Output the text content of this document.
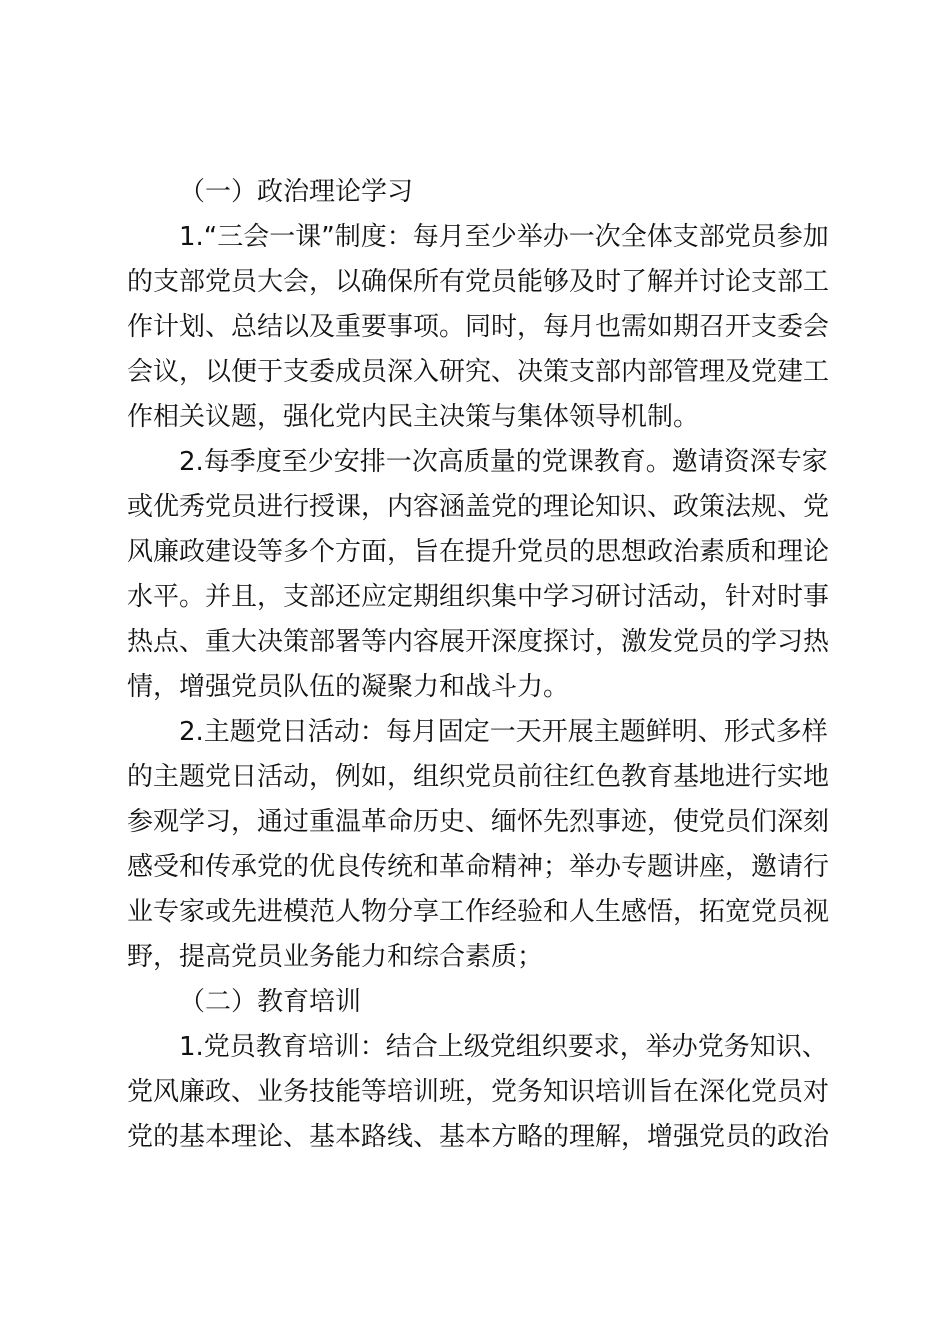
（一）政治理论学习
1.“三会一课”制度：每月至少举办一次全体支部党员参加
的支部党员大会，以确保所有党员能够及时了解并讨论支部工
作计划、总结以及重要事项。同时，每月也需如期召开支委会
会议，以便于支委成员深入研究、决策支部内部管理及党建工
作相关议题，强化党内民主决策与集体领导机制。
2.每季度至少安排一次高质量的党课教育。邀请资深专家
或优秀党员进行授课，内容涵盖党的理论知识、政策法规、党
风廉政建设等多个方面，旨在提升党员的思想政治素质和理论
水平。并且，支部还应定期组织集中学习研讨活动，针对时事
热点、重大决策部署等内容展开深度探讨，激发党员的学习热
情，增强党员队伍的凝聚力和战斗力。
2.主题党日活动：每月固定一天开展主题鲜明、形式多样
的主题党日活动，例如，组织党员前往红色教育基地进行实地
参观学习，通过重温革命历史、缅怀先烈事迹，使党员们深刻
感受和传承党的优良传统和革命精神；举办专题讲座，邀请行
业专家或先进模范人物分享工作经验和人生感悟，拓宽党员视
野，提高党员业务能力和综合素质；
（二）教育培训
1.党员教育培训：结合上级党组织要求，举办党务知识、
党风廉政、业务技能等培训班，党务知识培训旨在深化党员对
党的基本理论、基本路线、基本方略的理解，增强党员的政治
